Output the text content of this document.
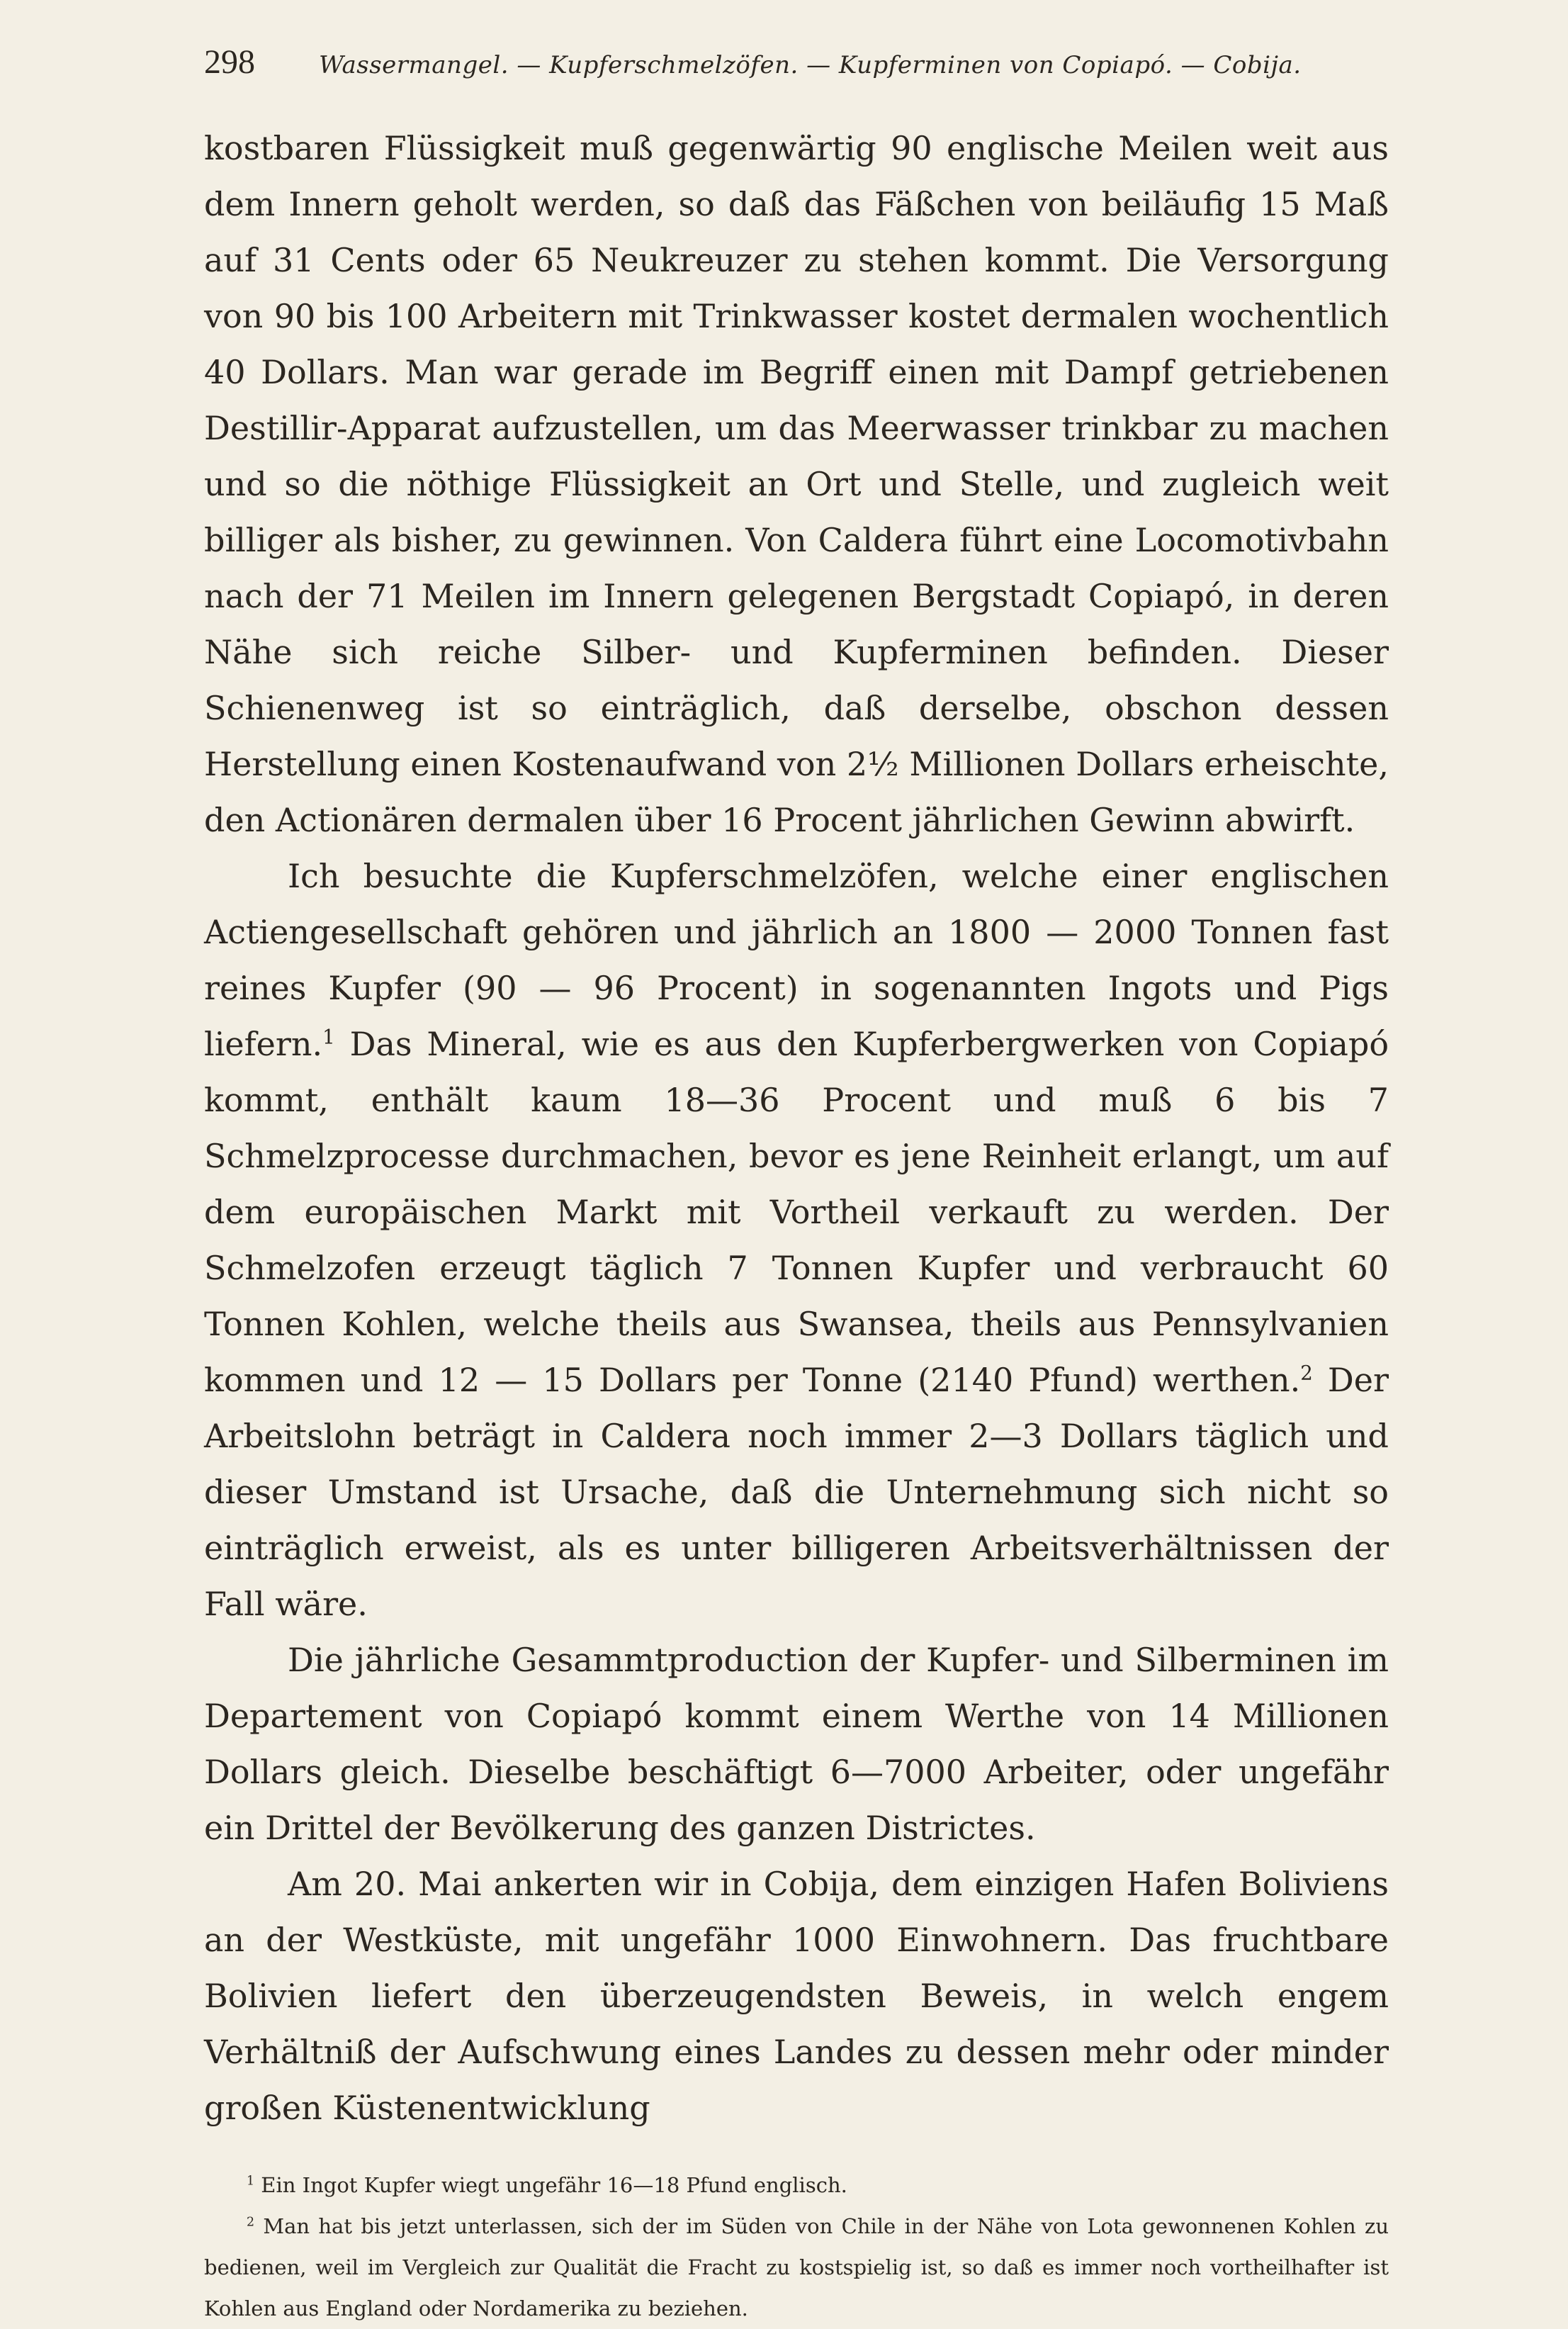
298	Wassermangel. — Kupferschmelzöfen. — Kupferminen von Copiapó. — Cobija.

kostbaren Flüssigkeit muß gegenwärtig 90 englische Meilen weit aus dem Innern geholt werden, so daß das Fäßchen von beiläufig 15 Maß auf 31 Cents oder 65 Neukreuzer zu stehen kommt. Die Versorgung von 90 bis 100 Arbeitern mit Trinkwasser kostet dermalen wochentlich 40 Dollars. Man war gerade im Begriff einen mit Dampf getriebenen Destillir-Apparat aufzustellen, um das Meerwasser trinkbar zu machen und so die nöthige Flüssigkeit an Ort und Stelle, und zugleich weit billiger als bisher, zu gewinnen. Von Caldera führt eine Locomotivbahn nach der 71 Meilen im Innern gelegenen Bergstadt Copiapó, in deren Nähe sich reiche Silber- und Kupferminen befinden. Dieser Schienenweg ist so einträglich, daß derselbe, obschon dessen Herstellung einen Kostenaufwand von 2½ Millionen Dollars erheischte, den Actionären dermalen über 16 Procent jährlichen Gewinn abwirft.

Ich besuchte die Kupferschmelzöfen, welche einer englischen Actiengesellschaft gehören und jährlich an 1800 — 2000 Tonnen fast reines Kupfer (90 — 96 Procent) in sogenannten Ingots und Pigs liefern.$^1$ Das Mineral, wie es aus den Kupferbergwerken von Copiapó kommt, enthält kaum 18—36 Procent und muß 6 bis 7 Schmelzprocesse durchmachen, bevor es jene Reinheit erlangt, um auf dem europäischen Markt mit Vortheil verkauft zu werden. Der Schmelzofen erzeugt täglich 7 Tonnen Kupfer und verbraucht 60 Tonnen Kohlen, welche theils aus Swansea, theils aus Pennsylvanien kommen und 12 — 15 Dollars per Tonne (2140 Pfund) werthen.$^2$ Der Arbeitslohn beträgt in Caldera noch immer 2—3 Dollars täglich und dieser Umstand ist Ursache, daß die Unternehmung sich nicht so einträglich erweist, als es unter billigeren Arbeitsverhältnissen der Fall wäre.

Die jährliche Gesammtproduction der Kupfer- und Silberminen im Departement von Copiapó kommt einem Werthe von 14 Millionen Dollars gleich. Dieselbe beschäftigt 6—7000 Arbeiter, oder ungefähr ein Drittel der Bevölkerung des ganzen Districtes.

Am 20. Mai ankerten wir in Cobija, dem einzigen Hafen Boliviens an der Westküste, mit ungefähr 1000 Einwohnern. Das fruchtbare Bolivien liefert den überzeugendsten Beweis, in welch engem Verhältniß der Aufschwung eines Landes zu dessen mehr oder minder großen Küstenentwicklung

$^1$ Ein Ingot Kupfer wiegt ungefähr 16—18 Pfund englisch.

$^2$ Man hat bis jetzt unterlassen, sich der im Süden von Chile in der Nähe von Lota gewonnenen Kohlen zu bedienen, weil im Vergleich zur Qualität die Fracht zu kostspielig ist, so daß es immer noch vortheilhafter ist Kohlen aus England oder Nordamerika zu beziehen.
